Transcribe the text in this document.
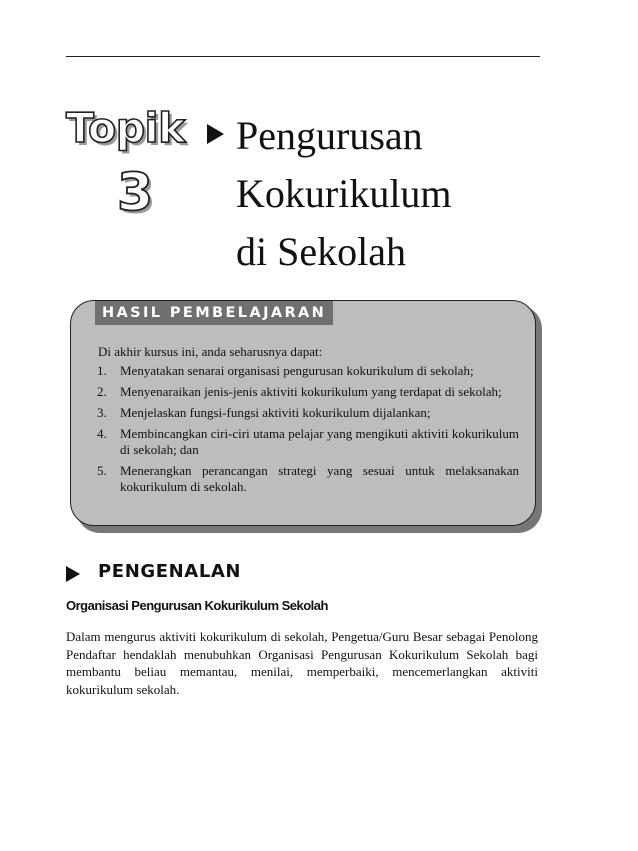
Topik
3
Pengurusan
Kokurikulum
di Sekolah
HASIL PEMBELAJARAN
Di akhir kursus ini, anda seharusnya dapat:
1. Menyatakan senarai organisasi pengurusan kokurikulum di sekolah;
2. Menyenaraikan jenis-jenis aktiviti kokurikulum yang terdapat di sekolah;
3. Menjelaskan fungsi-fungsi aktiviti kokurikulum dijalankan;
4. Membincangkan ciri-ciri utama pelajar yang mengikuti aktiviti kokurikulum di sekolah; dan
5. Menerangkan perancangan strategi yang sesuai untuk melaksanakan kokurikulum di sekolah.
PENGENALAN
Organisasi Pengurusan Kokurikulum Sekolah

Dalam mengurus aktiviti kokurikulum di sekolah, Pengetua/Guru Besar sebagai Penolong Pendaftar hendaklah menubuhkan Organisasi Pengurusan Kokurikulum Sekolah bagi membantu beliau memantau, menilai, memperbaiki, mencemerlangkan aktiviti kokurikulum sekolah.
